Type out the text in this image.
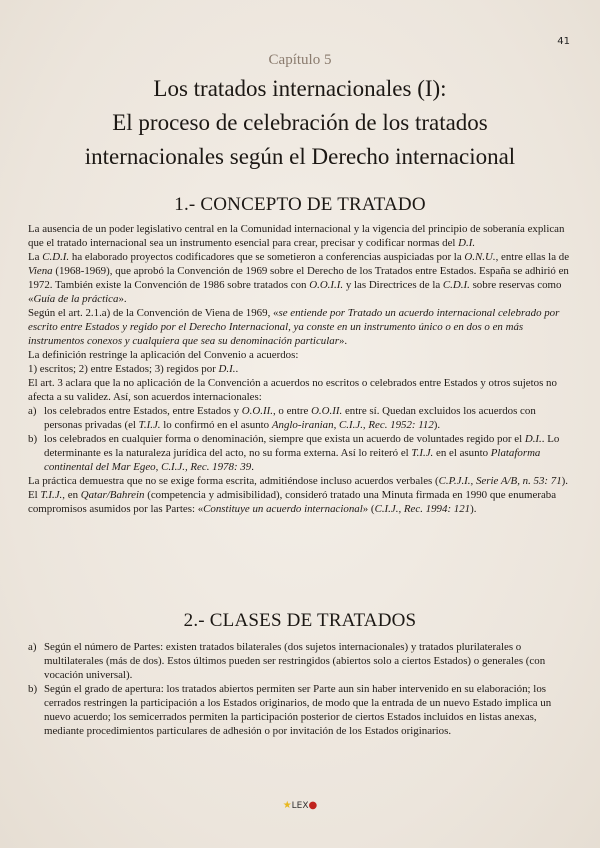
41
Capítulo 5
Los tratados internacionales (I):
El proceso de celebración de los tratados
internacionales según el Derecho internacional
1.- CONCEPTO DE TRATADO

La ausencia de un poder legislativo central en la Comunidad internacional y la vigencia del principio de soberanía explican que el tratado internacional sea un instrumento esencial para crear, precisar y codificar normas del D.I.

La C.D.I. ha elaborado proyectos codificadores que se sometieron a conferencias auspiciadas por la O.N.U., entre ellas la de Viena (1968-1969), que aprobó la Convención de 1969 sobre el Derecho de los Tratados entre Estados. España se adhirió en 1972. También existe la Convención de 1986 sobre tratados con O.O.I.I. y las Directrices de la C.D.I. sobre reservas como «Guía de la práctica».

Según el art. 2.1.a) de la Convención de Viena de 1969, «se entiende por Tratado un acuerdo internacional celebrado por escrito entre Estados y regido por el Derecho Internacional, ya conste en un instrumento único o en dos o en más instrumentos conexos y cualquiera que sea su denominación particular».

La definición restringe la aplicación del Convenio a acuerdos:

1) escritos; 2) entre Estados; 3) regidos por D.I..

El art. 3 aclara que la no aplicación de la Convención a acuerdos no escritos o celebrados entre Estados y otros sujetos no afecta a su validez. Así, son acuerdos internacionales:

a) los celebrados entre Estados, entre Estados y O.O.II., o entre O.O.II. entre sí. Quedan excluidos los acuerdos con personas privadas (el T.I.J. lo confirmó en el asunto Anglo-iranian, C.I.J., Rec. 1952: 112).
b) los celebrados en cualquier forma o denominación, siempre que exista un acuerdo de voluntades regido por el D.I.. Lo determinante es la naturaleza jurídica del acto, no su forma externa. Así lo reiteró el T.I.J. en el asunto Plataforma continental del Mar Egeo, C.I.J., Rec. 1978: 39.

La práctica demuestra que no se exige forma escrita, admitiéndose incluso acuerdos verbales (C.P.J.I., Serie A/B, n. 53: 71). El T.I.J., en Qatar/Bahrein (competencia y admisibilidad), consideró tratado una Minuta firmada en 1990 que enumeraba compromisos asumidos por las Partes: «Constituye un acuerdo internacional» (C.I.J., Rec. 1994: 121).

2.- CLASES DE TRATADOS
a) Según el número de Partes: existen tratados bilaterales (dos sujetos internacionales) y tratados plurilaterales o multilaterales (más de dos). Estos últimos pueden ser restringidos (abiertos solo a ciertos Estados) o generales (con vocación universal).
b) Según el grado de apertura: los tratados abiertos permiten ser Parte aun sin haber intervenido en su elaboración; los cerrados restringen la participación a los Estados originarios, de modo que la entrada de un nuevo Estado implica un nuevo acuerdo; los semicerrados permiten la participación posterior de ciertos Estados incluidos en listas anexas, mediante procedimientos particulares de adhesión o por invitación de los Estados originarios.
★LEX●
